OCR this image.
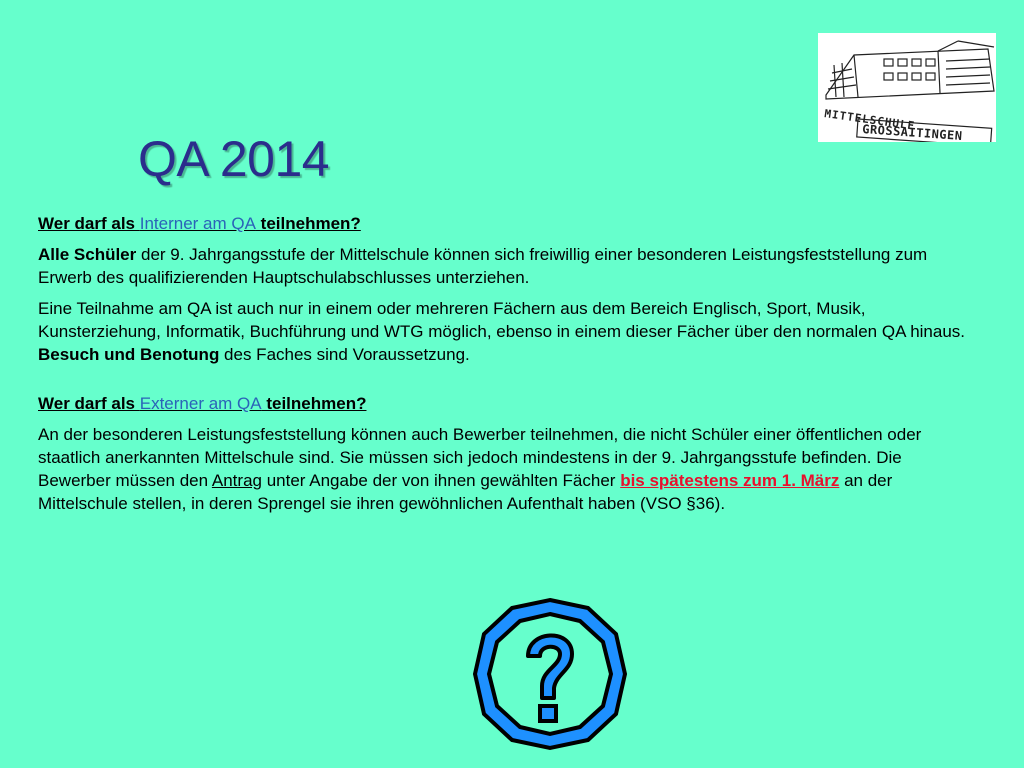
QA 2014
MITTELSCHULE
GROSSAITINGEN

Wer darf als Interner am QA teilnehmen?

Alle Schüler der 9. Jahrgangsstufe der Mittelschule können sich freiwillig einer besonderen Leistungsfeststellung zum Erwerb des qualifizierenden Hauptschulabschlusses unterziehen.

Eine Teilnahme am QA ist auch nur in einem oder mehreren Fächern aus dem Bereich Englisch, Sport, Musik, Kunsterziehung, Informatik, Buchführung und WTG möglich, ebenso in einem dieser Fächer über den normalen QA hinaus. Besuch und Benotung des Faches sind Voraussetzung.

Wer darf als Externer am QA teilnehmen?

An der besonderen Leistungsfeststellung können auch Bewerber teilnehmen, die nicht Schüler einer öffentlichen oder staatlich anerkannten Mittelschule sind. Sie müssen sich jedoch mindestens in der 9. Jahrgangsstufe befinden. Die Bewerber müssen den Antrag unter Angabe der von ihnen gewählten Fächer bis spätestens zum 1. März an der Mittelschule stellen, in deren Sprengel sie ihren gewöhnlichen Aufenthalt haben (VSO §36).
